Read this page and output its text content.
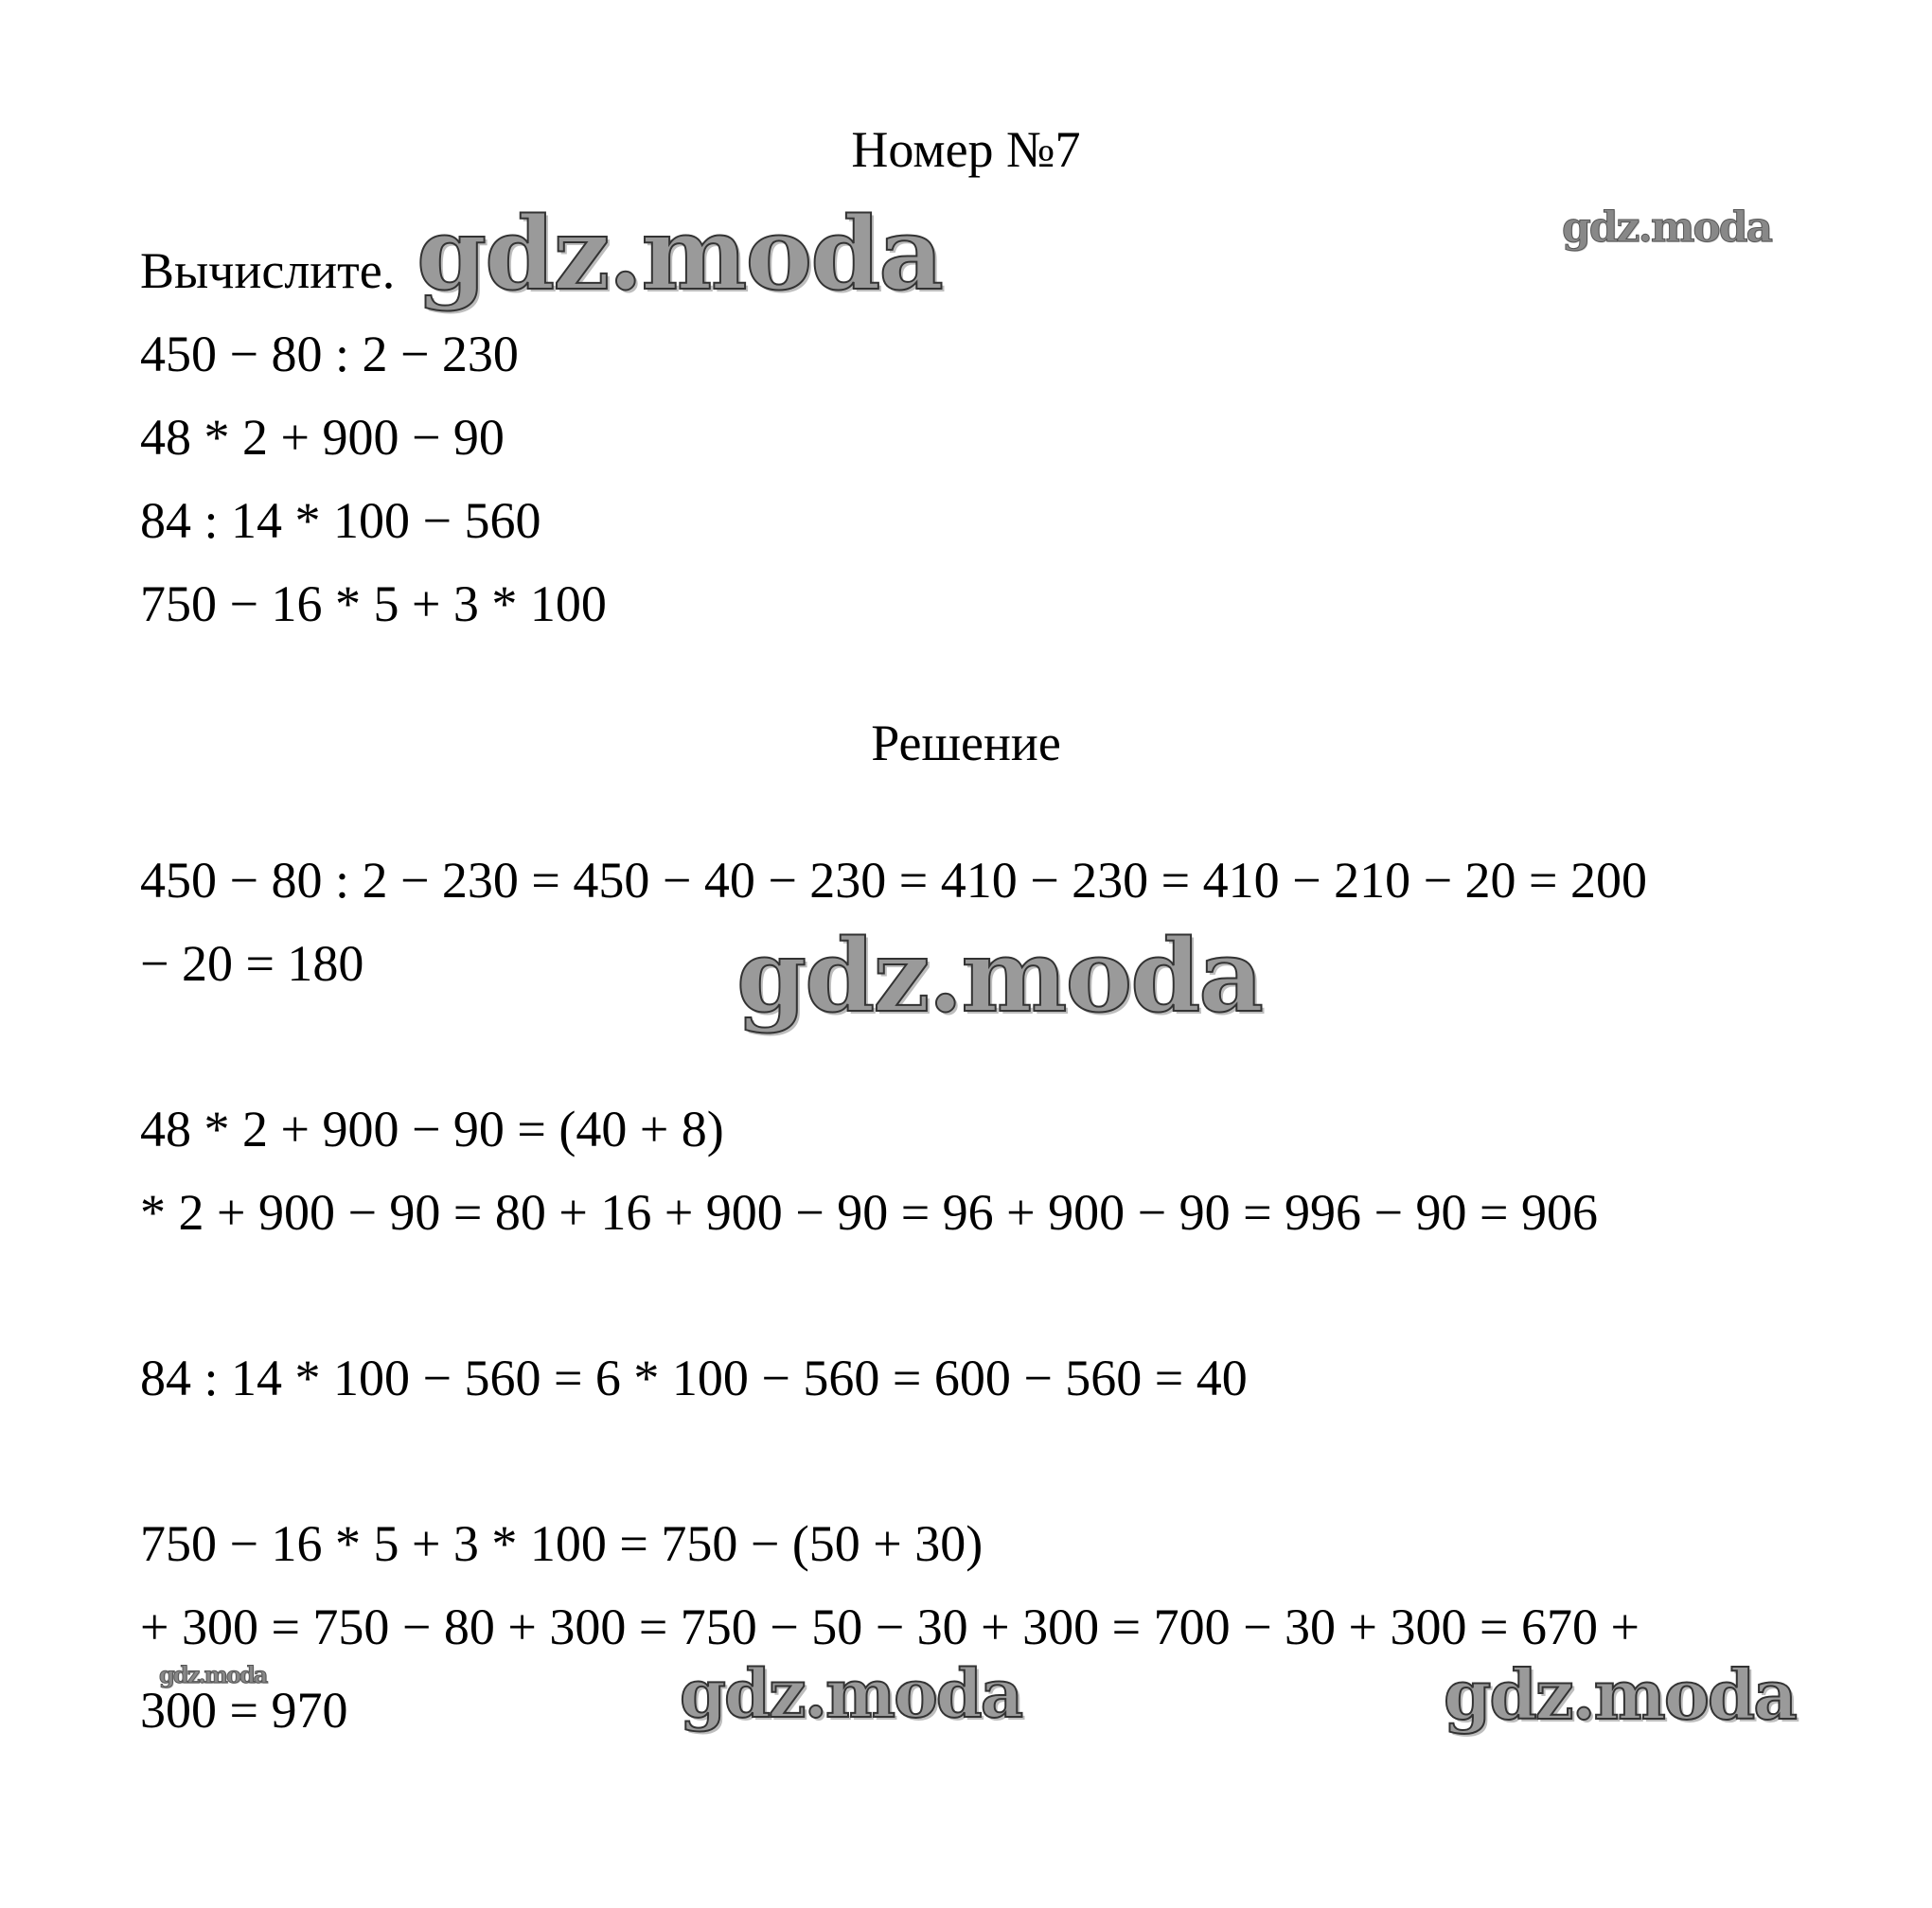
Номер №7
Вычислите.
450 − 80 : 2 − 230
48 * 2 + 900 − 90
84 : 14 * 100 − 560
750 − 16 * 5 + 3 * 100
Решение
450 − 80 : 2 − 230 = 450 − 40 − 230 = 410 − 230 = 410 − 210 − 20 = 200
− 20 = 180
48 * 2 + 900 − 90 = (40 + 8)
* 2 + 900 − 90 = 80 + 16 + 900 − 90 = 96 + 900 − 90 = 996 − 90 = 906
84 : 14 * 100 − 560 = 6 * 100 − 560 = 600 − 560 = 40
750 − 16 * 5 + 3 * 100 = 750 − (50 + 30)
+ 300 = 750 − 80 + 300 = 750 − 50 − 30 + 300 = 700 − 30 + 300 = 670 +
300 = 970
gdz.moda	gdz.moda
gdz.moda
gdz.moda	gdz.moda
gdz.moda
